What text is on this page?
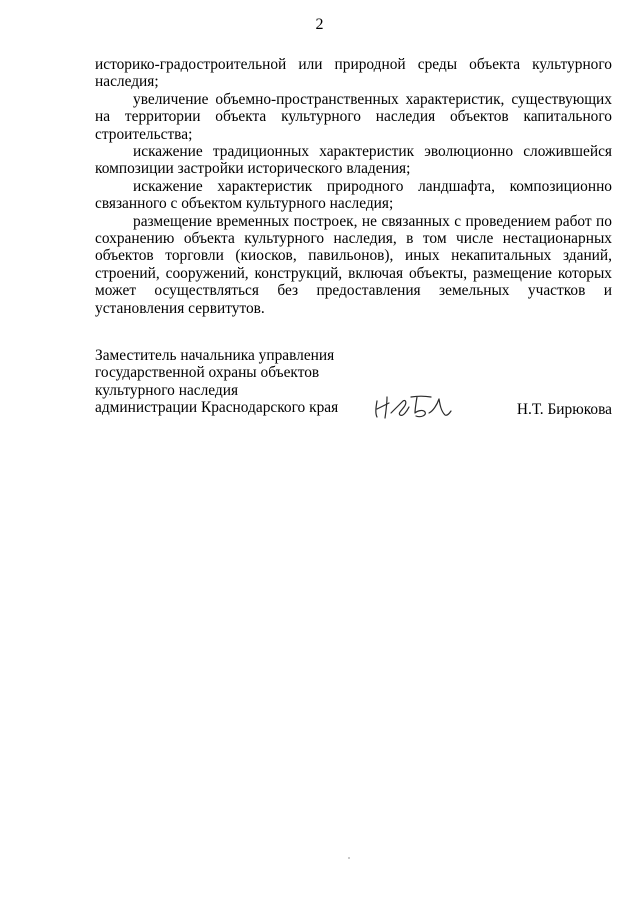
2

историко-градостроительной или природной среды объекта культурного наследия;

увеличение объемно-пространственных характеристик, существующих на территории объекта культурного наследия объектов капитального строительства;

искажение традиционных характеристик эволюционно сложившейся композиции застройки исторического владения;

искажение характеристик природного ландшафта, композиционно связанного с объектом культурного наследия;

размещение временных построек, не связанных с проведением работ по сохранению объекта культурного наследия, в том числе нестационарных объектов торговли (киосков, павильонов), иных некапитальных зданий, строений, сооружений, конструкций, включая объекты, размещение которых может осуществляться без предоставления земельных участков и установления сервитутов.

Заместитель начальника управления
государственной охраны объектов
культурного наследия
администрации Краснодарского края	Н.Т. Бирюкова
